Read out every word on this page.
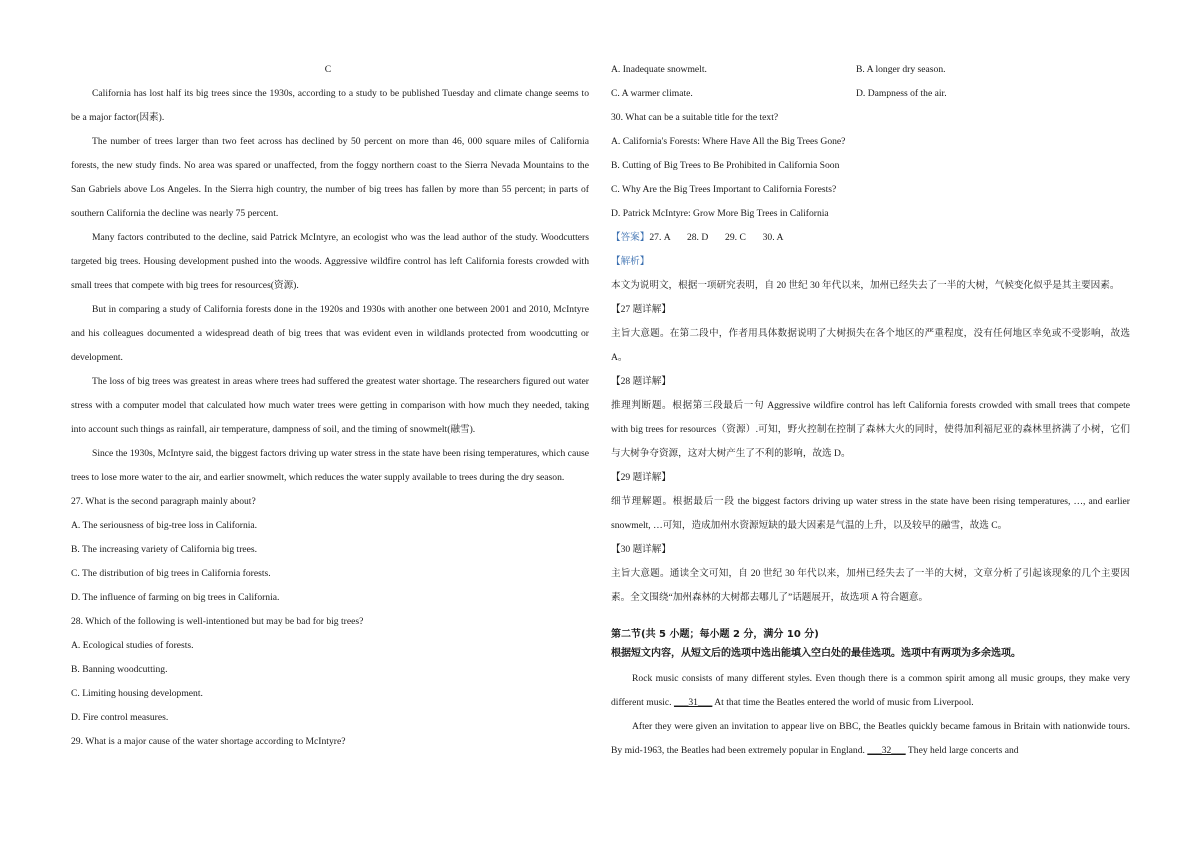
C
California has lost half its big trees since the 1930s, according to a study to be published Tuesday and climate change seems to be a major factor(因素).
The number of trees larger than two feet across has declined by 50 percent on more than 46, 000 square miles of California forests, the new study finds. No area was spared or unaffected, from the foggy northern coast to the Sierra Nevada Mountains to the San Gabriels above Los Angeles. In the Sierra high country, the number of big trees has fallen by more than 55 percent; in parts of southern California the decline was nearly 75 percent.
Many factors contributed to the decline, said Patrick McIntyre, an ecologist who was the lead author of the study. Woodcutters targeted big trees. Housing development pushed into the woods. Aggressive wildfire control has left California forests crowded with small trees that compete with big trees for resources(资源).
But in comparing a study of California forests done in the 1920s and 1930s with another one between 2001 and 2010, McIntyre and his colleagues documented a widespread death of big trees that was evident even in wildlands protected from woodcutting or development.
The loss of big trees was greatest in areas where trees had suffered the greatest water shortage. The researchers figured out water stress with a computer model that calculated how much water trees were getting in comparison with how much they needed, taking into account such things as rainfall, air temperature, dampness of soil, and the timing of snowmelt(融雪).
Since the 1930s, McIntyre said, the biggest factors driving up water stress in the state have been rising temperatures, which cause trees to lose more water to the air, and earlier snowmelt, which reduces the water supply available to trees during the dry season.
27. What is the second paragraph mainly about?
A. The seriousness of big-tree loss in California.
B. The increasing variety of California big trees.
C. The distribution of big trees in California forests.
D. The influence of farming on big trees in California.
28. Which of the following is well-intentioned but may be bad for big trees?
A. Ecological studies of forests.
B. Banning woodcutting.
C. Limiting housing development.
D. Fire control measures.
29. What is a major cause of the water shortage according to McIntyre?
A. Inadequate snowmelt.	B. A longer dry season.
C. A warmer climate.	D. Dampness of the air.
30. What can be a suitable title for the text?
A. California's Forests: Where Have All the Big Trees Gone?
B. Cutting of Big Trees to Be Prohibited in California Soon
C. Why Are the Big Trees Important to California Forests?
D. Patrick McIntyre: Grow More Big Trees in California
【答案】27. A       28. D       29. C       30. A
【解析】
本文为说明文，根据一项研究表明，自 20 世纪 30 年代以来，加州已经失去了一半的大树，气候变化似乎是其主要因素。
【27 题详解】
主旨大意题。在第二段中，作者用具体数据说明了大树损失在各个地区的严重程度，没有任何地区幸免或不受影响，故选 A。
【28 题详解】
推理判断题。根据第三段最后一句 Aggressive wildfire control has left California forests crowded with small trees that compete with big trees for resources（资源）.可知，野火控制在控制了森林大火的同时，使得加利福尼亚的森林里挤满了小树，它们与大树争夺资源，这对大树产生了不利的影响，故选 D。
【29 题详解】
细节理解题。根据最后一段 the biggest factors driving up water stress in the state have been rising temperatures, …, and earlier snowmelt, …可知，造成加州水资源短缺的最大因素是气温的上升，以及较早的融雪，故选 C。
【30 题详解】
主旨大意题。通读全文可知，自 20 世纪 30 年代以来，加州已经失去了一半的大树，文章分析了引起该现象的几个主要因素。全文围绕“加州森林的大树都去哪儿了”话题展开，故选项 A 符合题意。
第二节(共 5 小题；每小题 2 分，满分 10 分)
根据短文内容，从短文后的选项中选出能填入空白处的最佳选项。选项中有两项为多余选项。
Rock music consists of many different styles. Even though there is a common spirit among all music groups, they make very different music. ___31___ At that time the Beatles entered the world of music from Liverpool.
After they were given an invitation to appear live on BBC, the Beatles quickly became famous in Britain with nationwide tours. By mid-1963, the Beatles had been extremely popular in England. ___32___ They held large concerts and
